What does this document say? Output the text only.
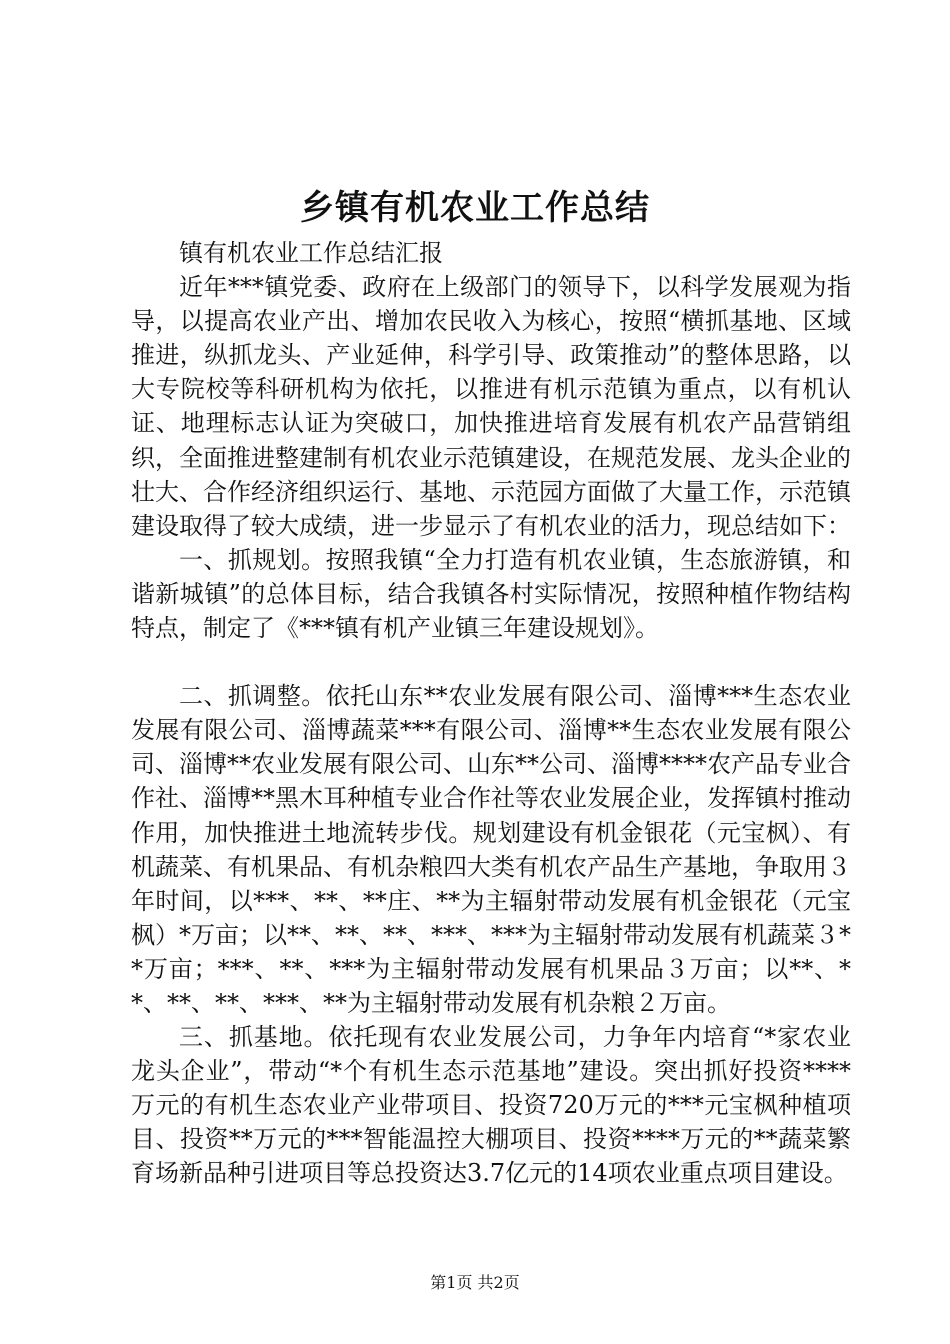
乡镇有机农业工作总结

镇有机农业工作总结汇报

近年***镇党委、政府在上级部门的领导下，以科学发展观为指导，以提高农业产出、增加农民收入为核心，按照“横抓基地、区域推进，纵抓龙头、产业延伸，科学引导、政策推动”的整体思路，以大专院校等科研机构为依托，以推进有机示范镇为重点，以有机认证、地理标志认证为突破口，加快推进培育发展有机农产品营销组织，全面推进整建制有机农业示范镇建设，在规范发展、龙头企业的壮大、合作经济组织运行、基地、示范园方面做了大量工作，示范镇建设取得了较大成绩，进一步显示了有机农业的活力，现总结如下：

一、抓规划。按照我镇“全力打造有机农业镇，生态旅游镇，和谐新城镇”的总体目标，结合我镇各村实际情况，按照种植作物结构特点，制定了《***镇有机产业镇三年建设规划》。

二、抓调整。依托山东**农业发展有限公司、淄博***生态农业发展有限公司、淄博蔬菜***有限公司、淄博**生态农业发展有限公司、淄博**农业发展有限公司、山东**公司、淄博****农产品专业合作社、淄博**黑木耳种植专业合作社等农业发展企业，发挥镇村推动作用，加快推进土地流转步伐。规划建设有机金银花（元宝枫）、有机蔬菜、有机果品、有机杂粮四大类有机农产品生产基地，争取用３年时间，以***、**、**庄、**为主辐射带动发展有机金银花（元宝枫）*万亩；以**、**、**、***、***为主辐射带动发展有机蔬菜３**万亩；***、**、***为主辐射带动发展有机果品３万亩；以**、**、**、**、***、**为主辐射带动发展有机杂粮２万亩。

三、抓基地。依托现有农业发展公司，力争年内培育“*家农业龙头企业”，带动“*个有机生态示范基地”建设。突出抓好投资****万元的有机生态农业产业带项目、投资720万元的***元宝枫种植项目、投资**万元的***智能温控大棚项目、投资****万元的**蔬菜繁育场新品种引进项目等总投资达3.7亿元的14项农业重点项目建设。

第1页 共2页
